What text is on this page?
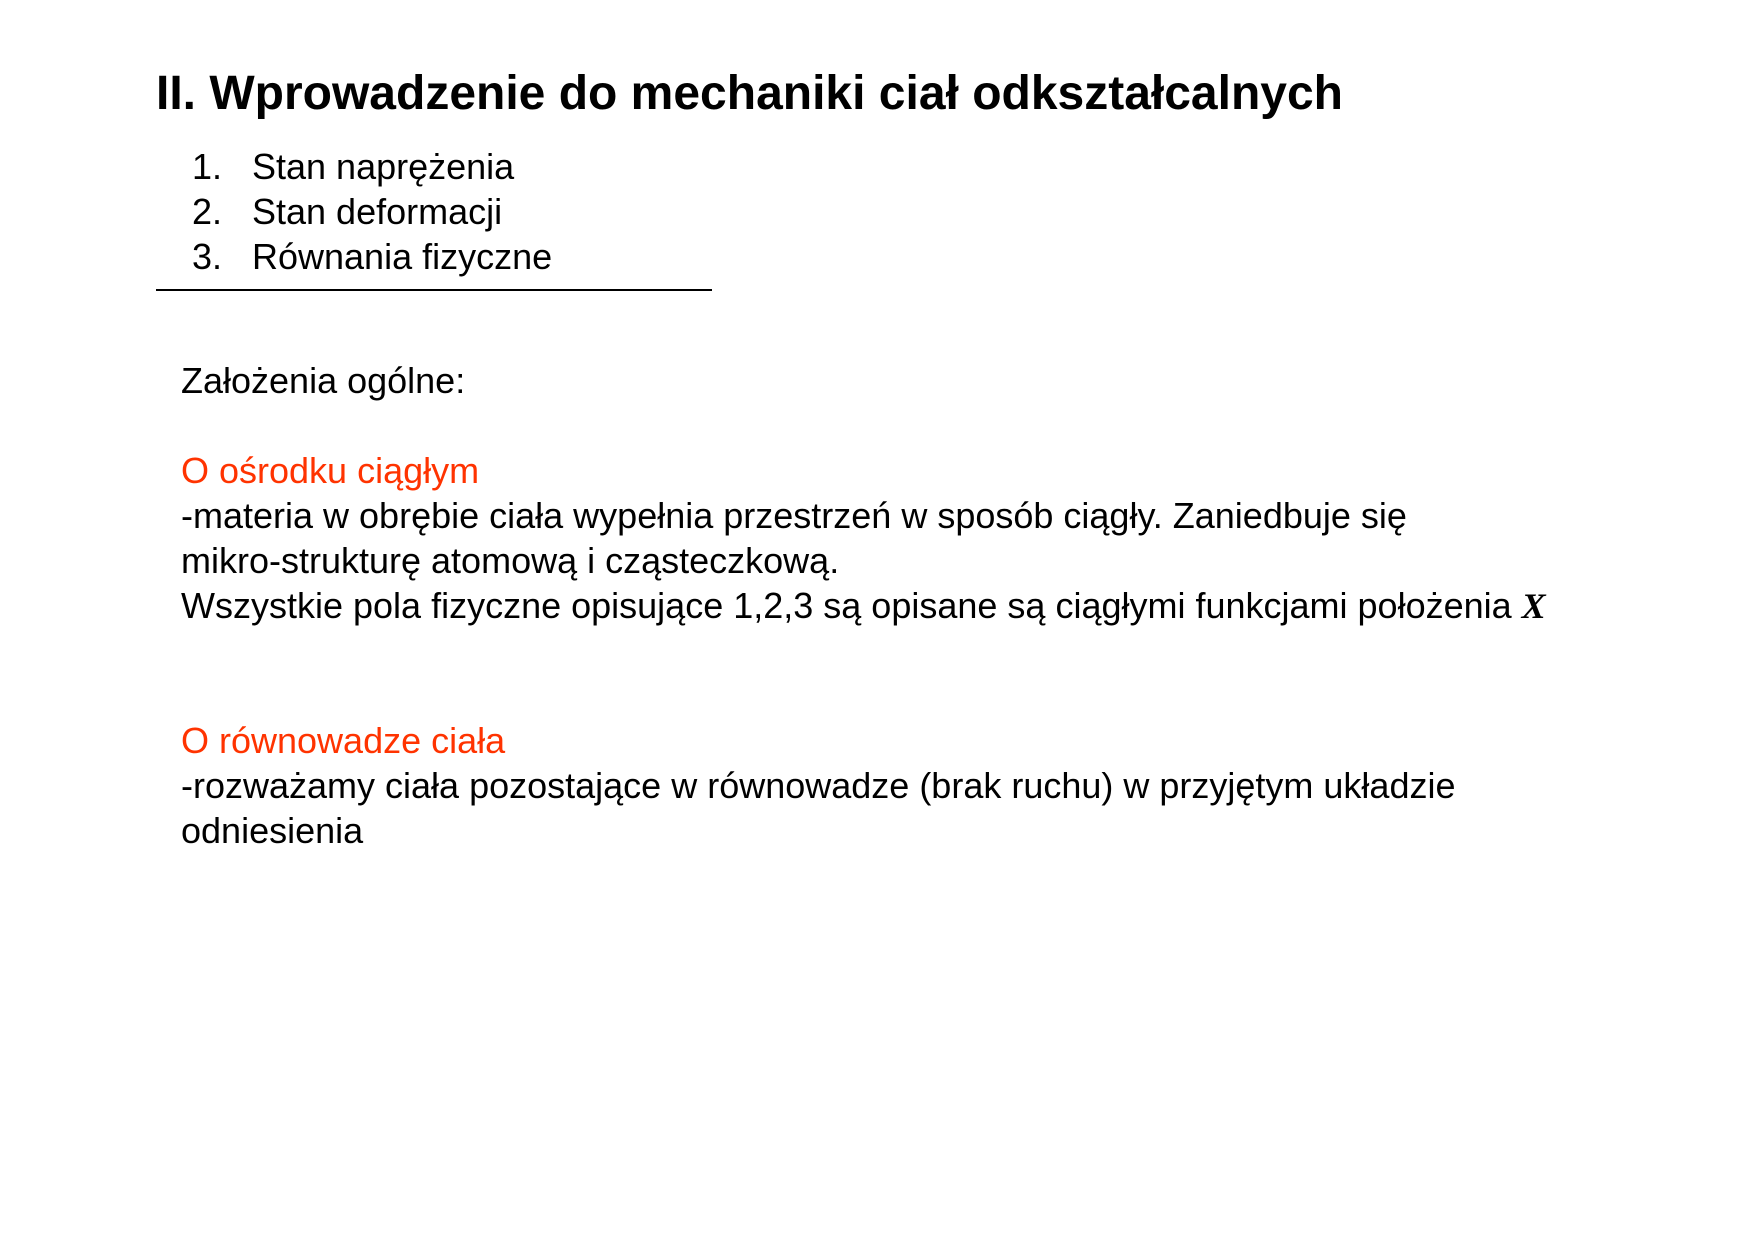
II. Wprowadzenie do mechaniki ciał odkształcalnych
1. Stan naprężenia
2. Stan deformacji
3. Równania fizyczne
Założenia ogólne:
O ośrodku ciągłym
-materia w obrębie ciała wypełnia przestrzeń w sposób ciągły. Zaniedbuje się
mikro-strukturę atomową i cząsteczkową.
Wszystkie pola fizyczne opisujące 1,2,3 są opisane są ciągłymi funkcjami położenia X
O równowadze ciała
-rozważamy ciała pozostające w równowadze (brak ruchu) w przyjętym układzie
odniesienia
